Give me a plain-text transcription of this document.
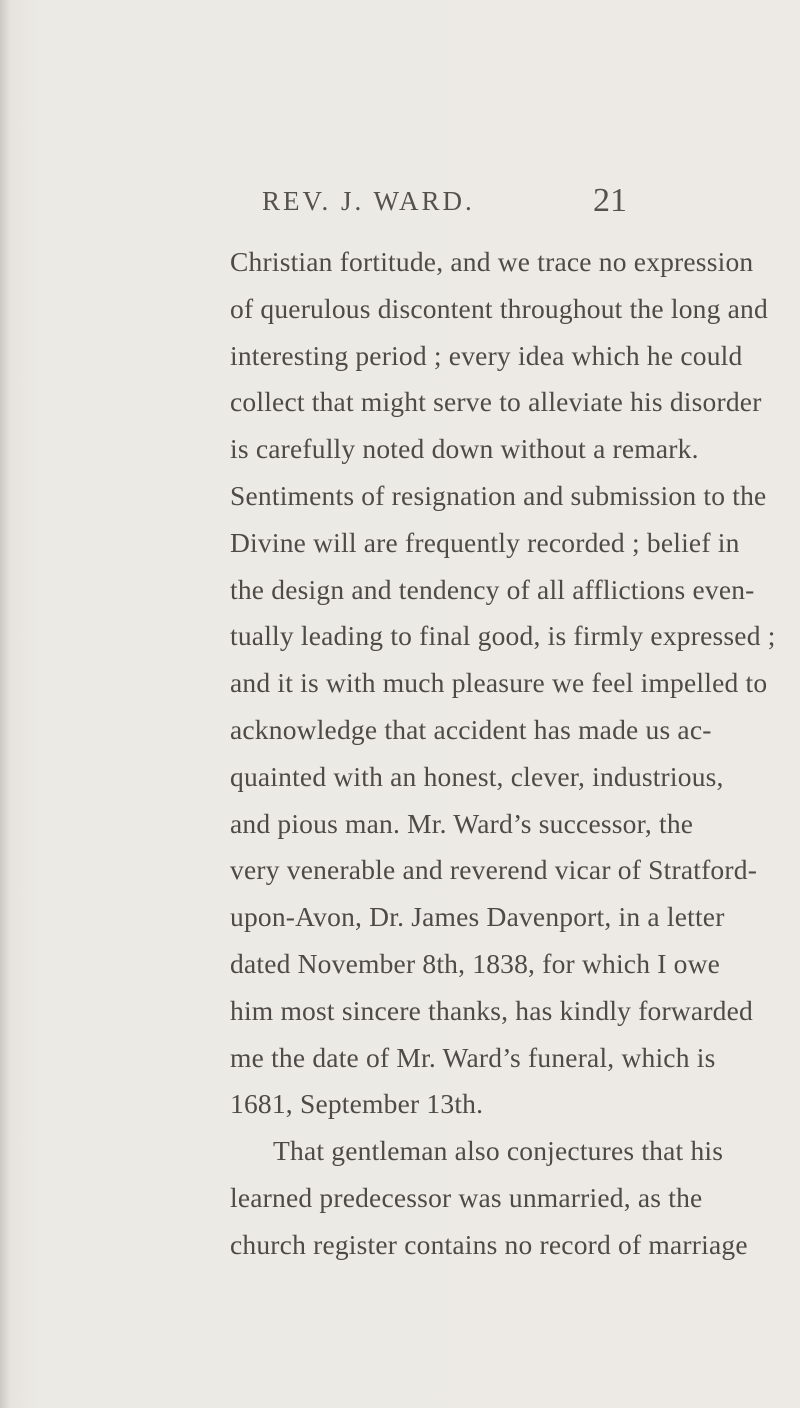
REV. J. WARD.	21
Christian fortitude, and we trace no expression
of querulous discontent throughout the long and
interesting period ; every idea which he could
collect that might serve to alleviate his disorder
is carefully noted down without a remark.
Sentiments of resignation and submission to the
Divine will are frequently recorded ; belief in
the design and tendency of all afflictions even-
tually leading to final good, is firmly expressed ;
and it is with much pleasure we feel impelled to
acknowledge that accident has made us ac-
quainted with an honest, clever, industrious,
and pious man. Mr. Ward’s successor, the
very venerable and reverend vicar of Stratford-
upon-Avon, Dr. James Davenport, in a letter
dated November 8th, 1838, for which I owe
him most sincere thanks, has kindly forwarded
me the date of Mr. Ward’s funeral, which is
1681, September 13th.
That gentleman also conjectures that his
learned predecessor was unmarried, as the
church register contains no record of marriage
